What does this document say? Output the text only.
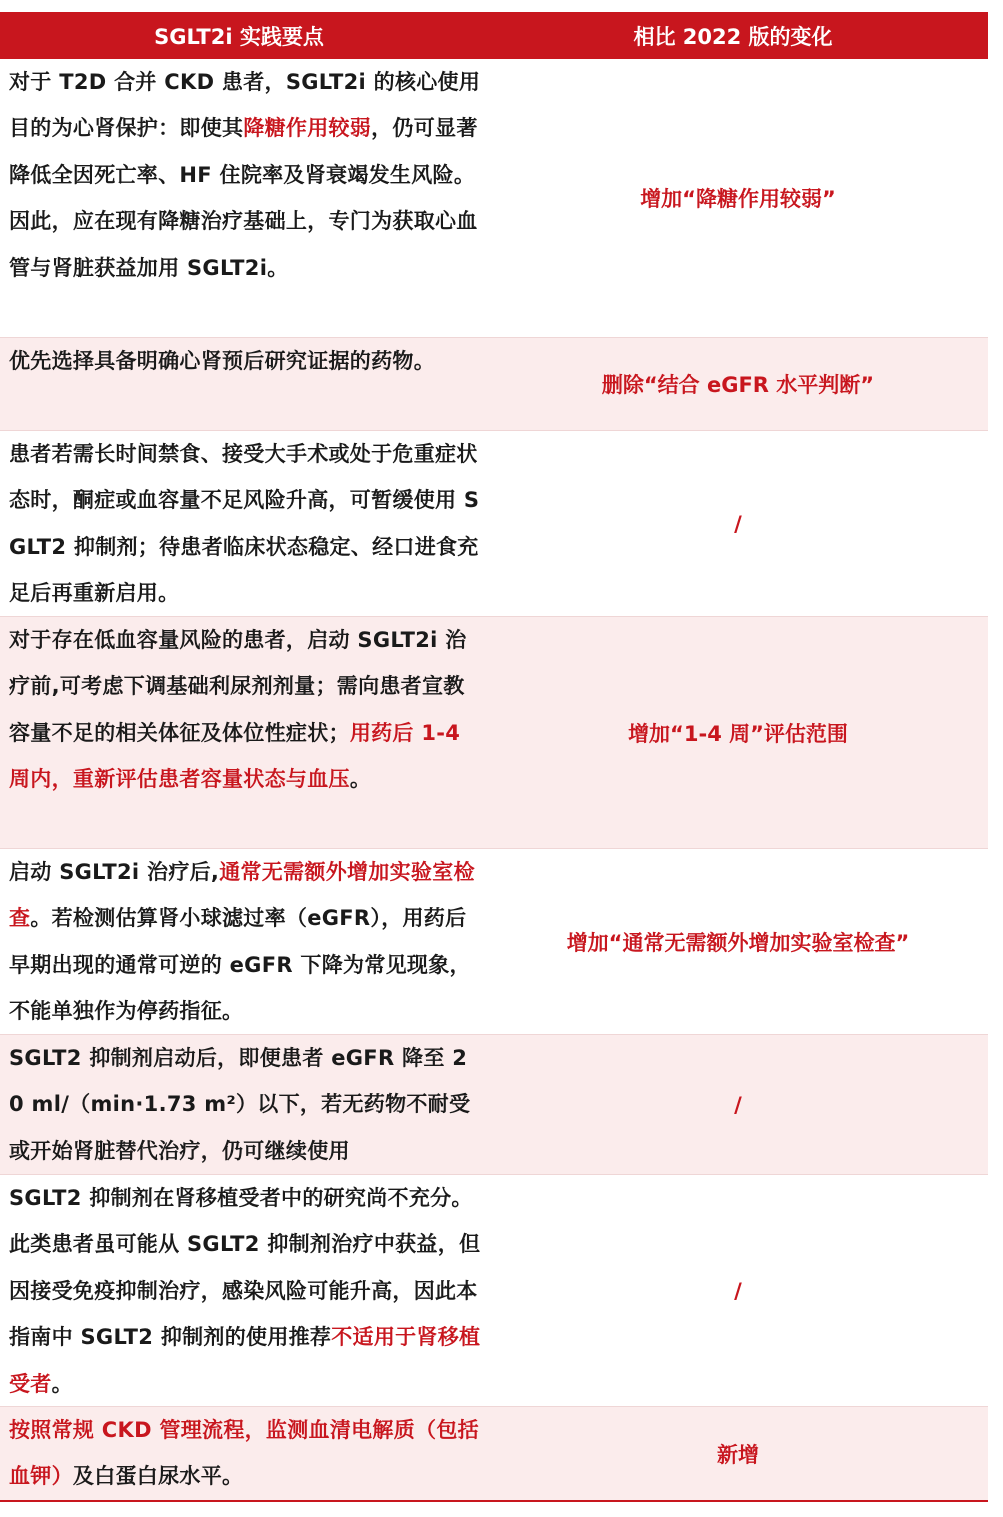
SGLT2i 实践要点	相比 2022 版的变化
对于 T2D 合并 CKD 患者，SGLT2i 的核心使用目的为心肾保护：即使其降糖作用较弱，仍可显著降低全因死亡率、HF 住院率及肾衰竭发生风险。因此，应在现有降糖治疗基础上，专门为获取心血管与肾脏获益加用 SGLT2i。
增加“降糖作用较弱”
优先选择具备明确心肾预后研究证据的药物。
删除“结合 eGFR 水平判断”
患者若需长时间禁食、接受大手术或处于危重症状态时，酮症或血容量不足风险升高，可暂缓使用 SGLT2 抑制剂；待患者临床状态稳定、经口进食充足后再重新启用。
/
对于存在低血容量风险的患者，启动 SGLT2i 治疗前,可考虑下调基础利尿剂剂量；需向患者宣教容量不足的相关体征及体位性症状；用药后 1-4 周内，重新评估患者容量状态与血压。
增加“1-4 周”评估范围
启动 SGLT2i 治疗后,通常无需额外增加实验室检查。若检测估算肾小球滤过率（eGFR），用药后早期出现的通常可逆的 eGFR 下降为常见现象，不能单独作为停药指征。
增加“通常无需额外增加实验室检查”
SGLT2 抑制剂启动后，即便患者 eGFR 降至 20 ml/（min·1.73 m²）以下，若无药物不耐受或开始肾脏替代治疗，仍可继续使用
/
SGLT2 抑制剂在肾移植受者中的研究尚不充分。此类患者虽可能从 SGLT2 抑制剂治疗中获益，但因接受免疫抑制治疗，感染风险可能升高，因此本指南中 SGLT2 抑制剂的使用推荐不适用于肾移植受者。
/
按照常规 CKD 管理流程，监测血清电解质（包括血钾）及白蛋白尿水平。
新增
